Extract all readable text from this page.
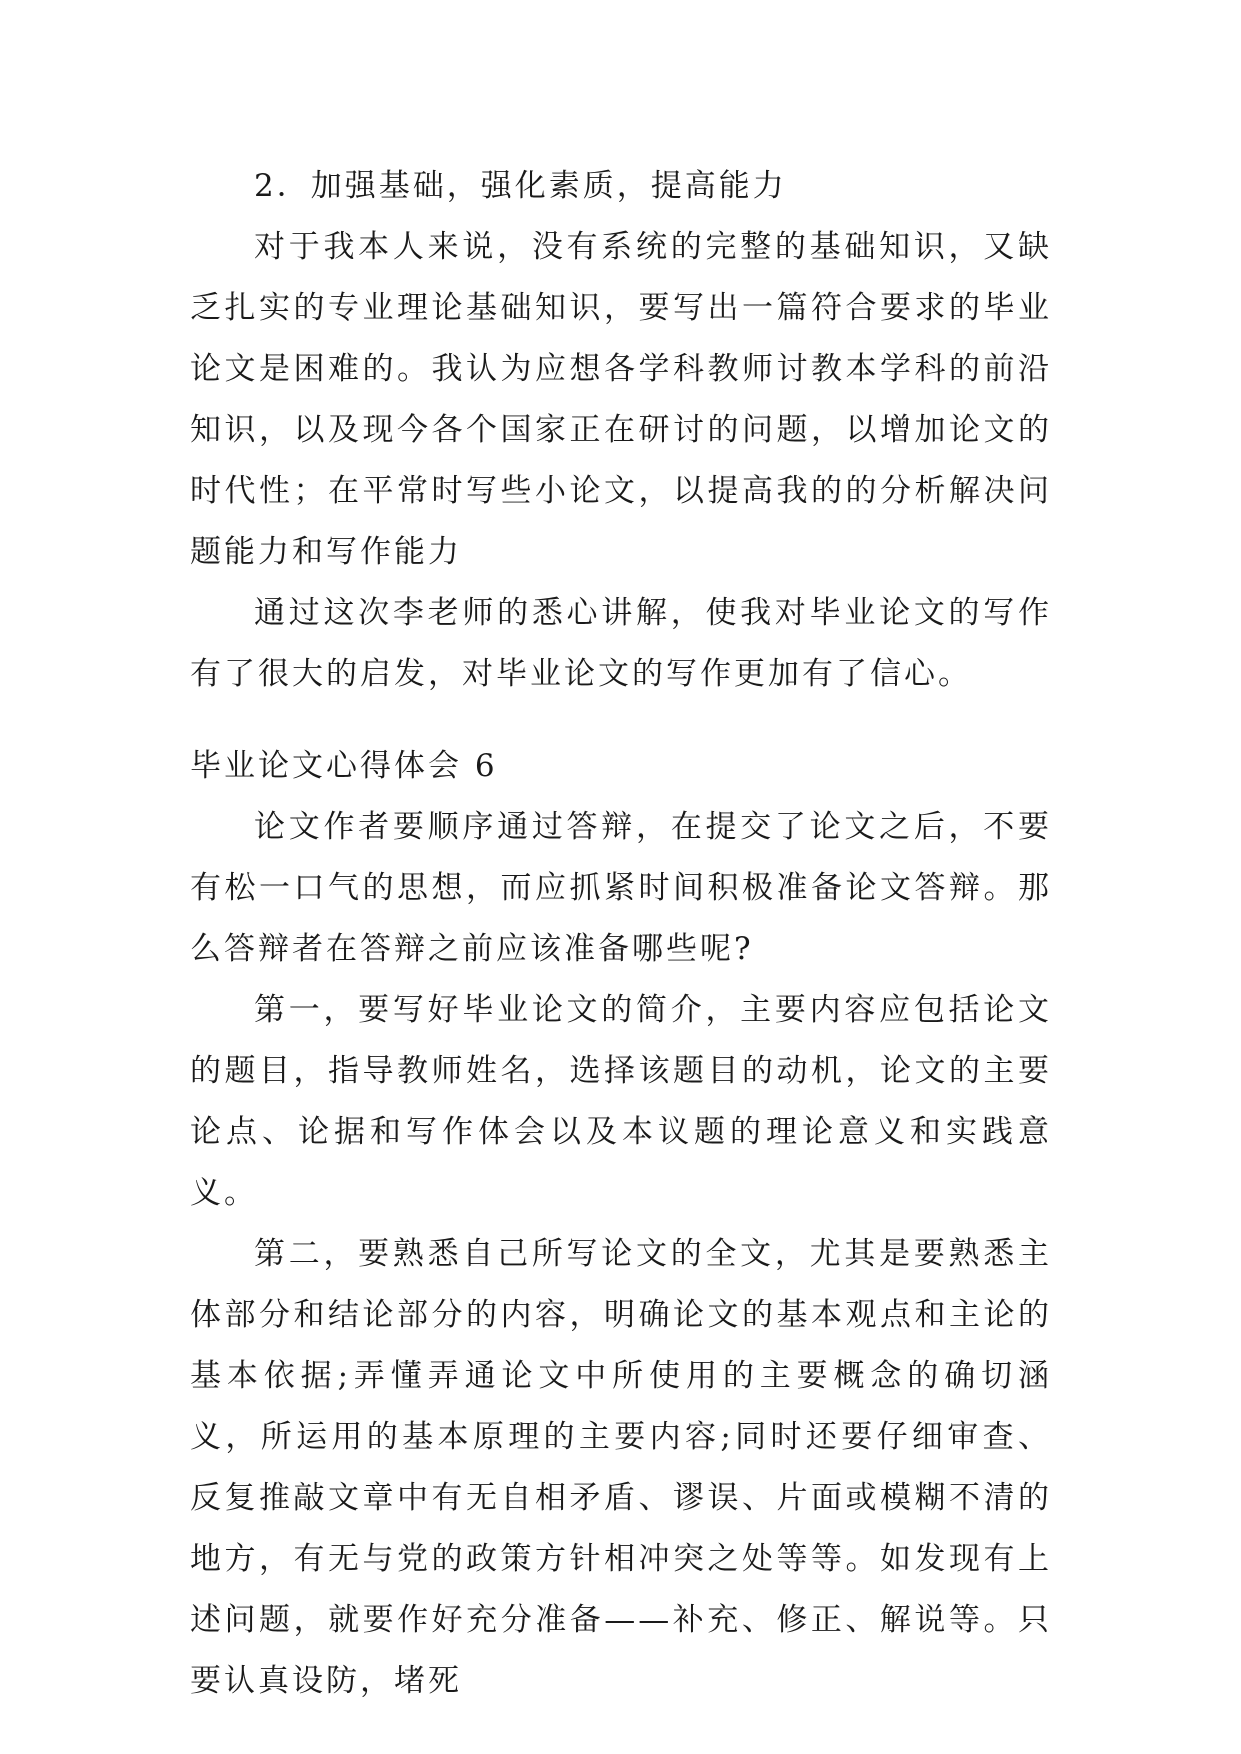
2．加强基础，强化素质，提高能力

对于我本人来说，没有系统的完整的基础知识，又缺乏扎实的专业理论基础知识，要写出一篇符合要求的毕业论文是困难的。我认为应想各学科教师讨教本学科的前沿知识，以及现今各个国家正在研讨的问题，以增加论文的时代性；在平常时写些小论文，以提高我的的分析解决问题能力和写作能力

通过这次李老师的悉心讲解，使我对毕业论文的写作有了很大的启发，对毕业论文的写作更加有了信心。

毕业论文心得体会 6

论文作者要顺序通过答辩，在提交了论文之后，不要有松一口气的思想，而应抓紧时间积极准备论文答辩。那么答辩者在答辩之前应该准备哪些呢?

第一，要写好毕业论文的简介，主要内容应包括论文的题目，指导教师姓名，选择该题目的动机，论文的主要论点、论据和写作体会以及本议题的理论意义和实践意义。

第二，要熟悉自己所写论文的全文，尤其是要熟悉主体部分和结论部分的内容，明确论文的基本观点和主论的基本依据;弄懂弄通论文中所使用的主要概念的确切涵义，所运用的基本原理的主要内容;同时还要仔细审查、反复推敲文章中有无自相矛盾、谬误、片面或模糊不清的地方，有无与党的政策方针相冲突之处等等。如发现有上述问题，就要作好充分准备——补充、修正、解说等。只要认真设防，堵死
